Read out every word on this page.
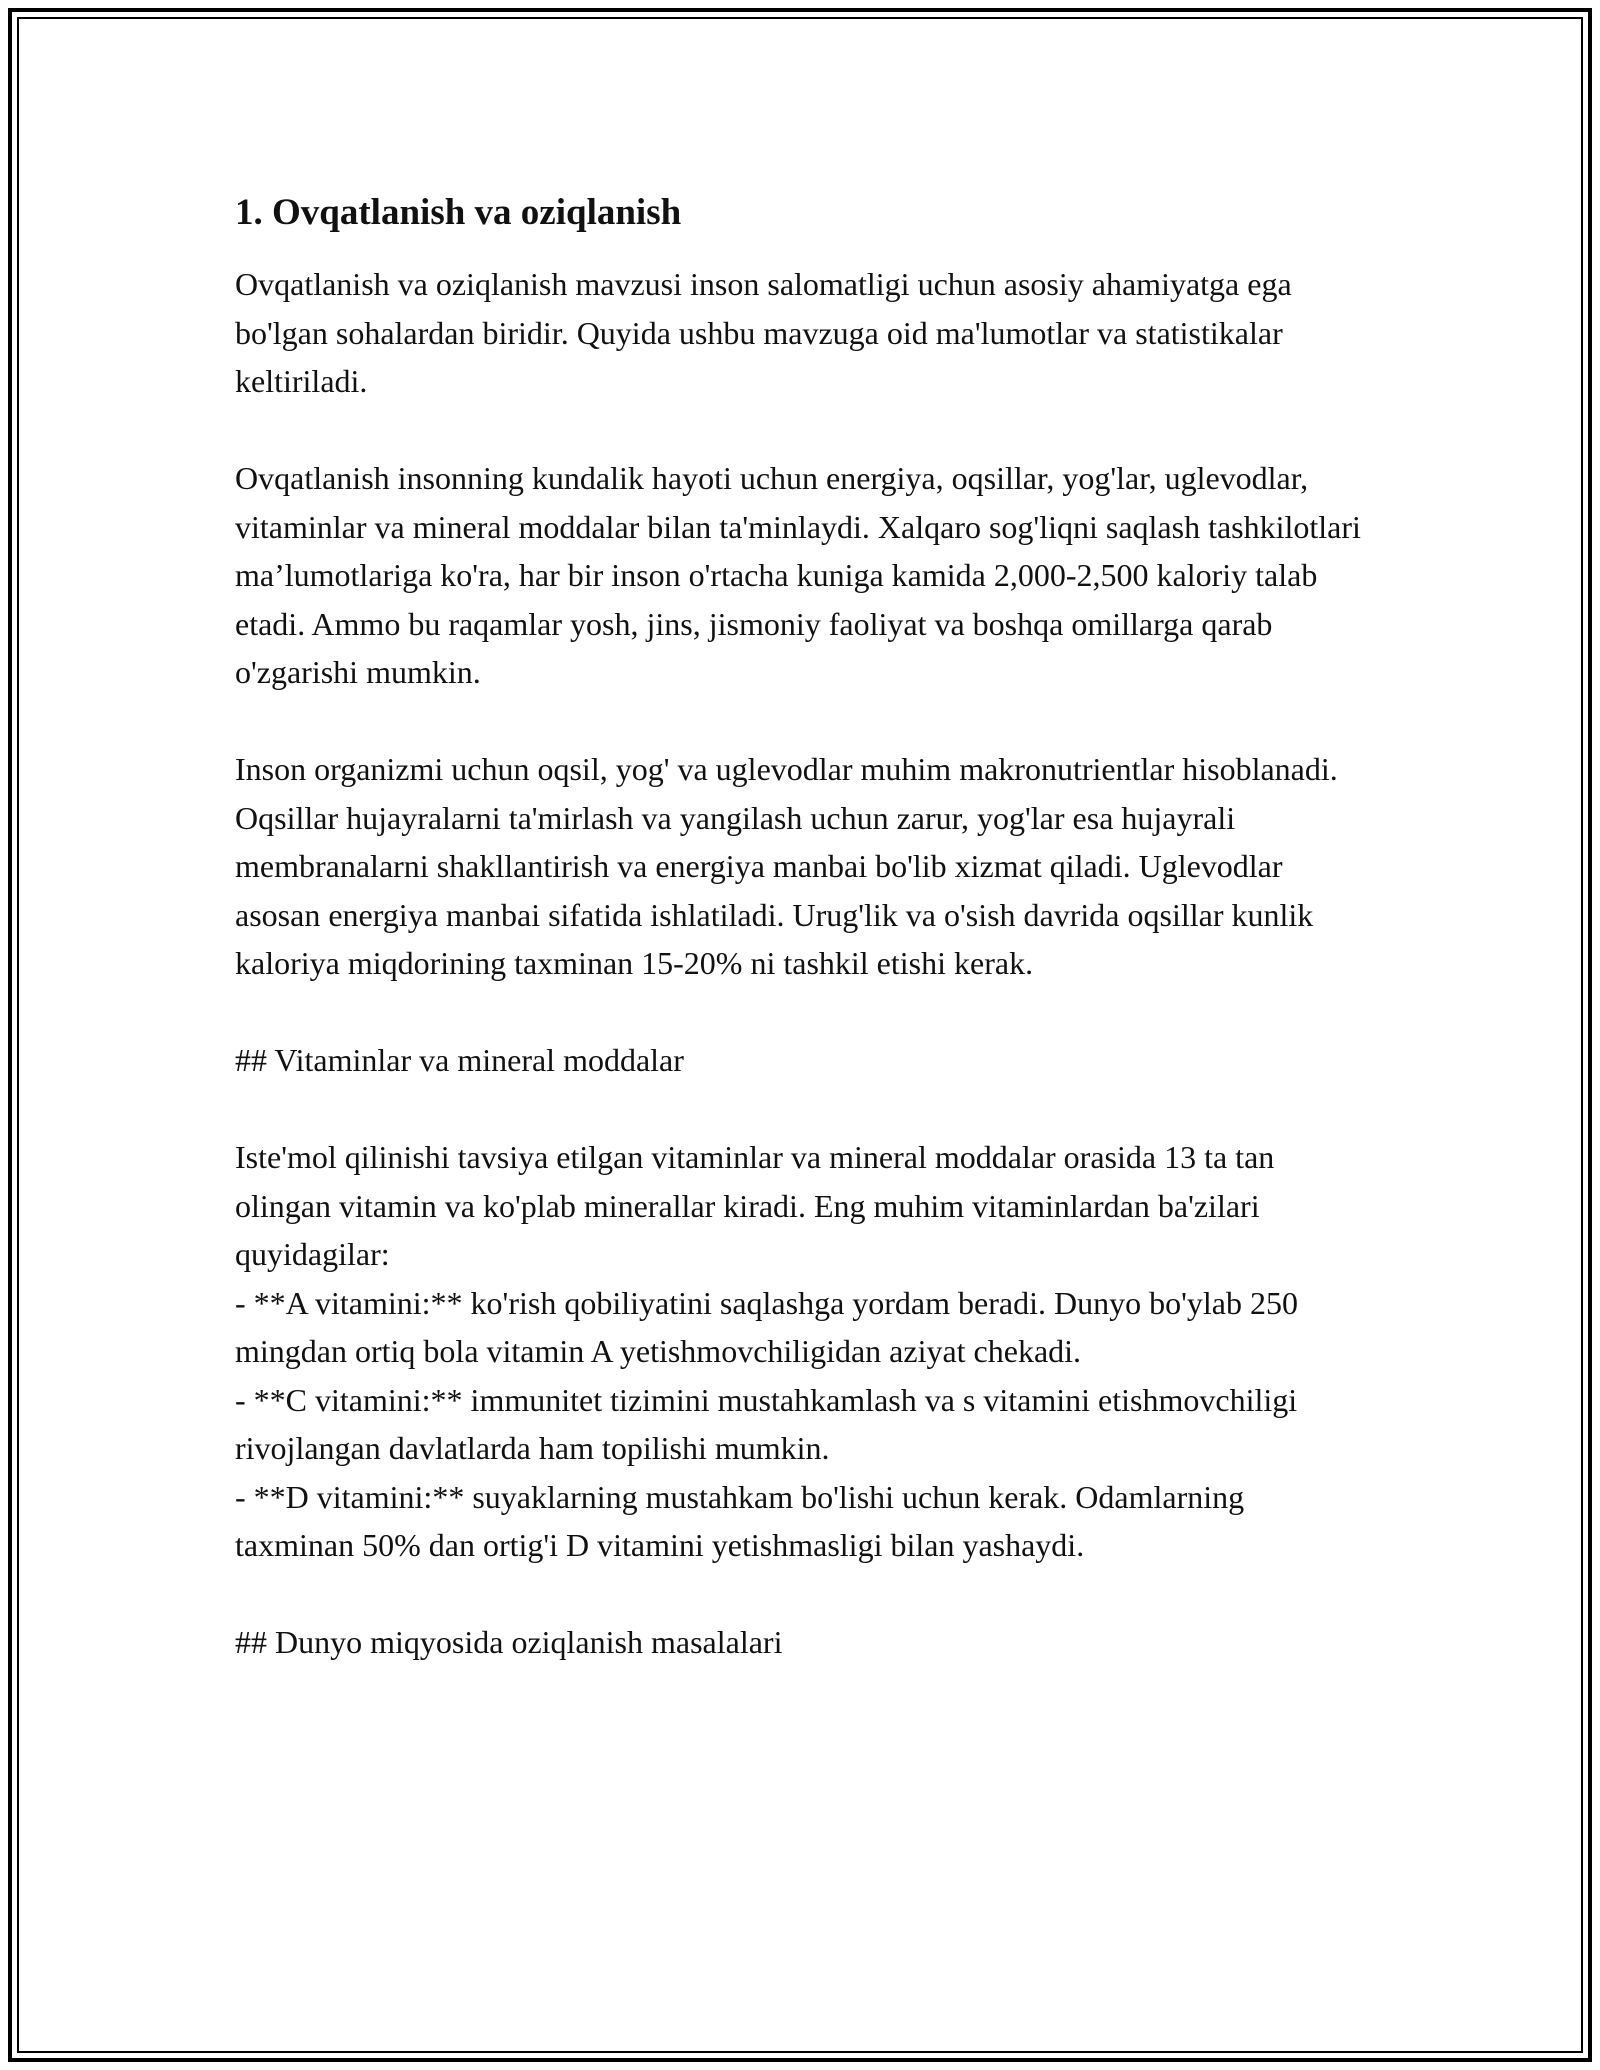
1. Ovqatlanish va oziqlanish

Ovqatlanish va oziqlanish mavzusi inson salomatligi uchun asosiy ahamiyatga ega bo'lgan sohalardan biridir. Quyida ushbu mavzuga oid ma'lumotlar va statistikalar keltiriladi.

Ovqatlanish insonning kundalik hayoti uchun energiya, oqsillar, yog'lar, uglevodlar, vitaminlar va mineral moddalar bilan ta'minlaydi. Xalqaro sog'liqni saqlash tashkilotlari ma’lumotlariga ko'ra, har bir inson o'rtacha kuniga kamida 2,000-2,500 kaloriy talab etadi. Ammo bu raqamlar yosh, jins, jismoniy faoliyat va boshqa omillarga qarab o'zgarishi mumkin.

Inson organizmi uchun oqsil, yog' va uglevodlar muhim makronutrientlar hisoblanadi. Oqsillar hujayralarni ta'mirlash va yangilash uchun zarur, yog'lar esa hujayrali membranalarni shakllantirish va energiya manbai bo'lib xizmat qiladi. Uglevodlar asosan energiya manbai sifatida ishlatiladi. Urug'lik va o'sish davrida oqsillar kunlik kaloriya miqdorining taxminan 15-20% ni tashkil etishi kerak.

## Vitaminlar va mineral moddalar

Iste'mol qilinishi tavsiya etilgan vitaminlar va mineral moddalar orasida 13 ta tan olingan vitamin va ko'plab minerallar kiradi. Eng muhim vitaminlardan ba'zilari quyidagilar:
- **A vitamini:** ko'rish qobiliyatini saqlashga yordam beradi. Dunyo bo'ylab 250 mingdan ortiq bola vitamin A yetishmovchiligidan aziyat chekadi.
- **C vitamini:** immunitet tizimini mustahkamlash va s vitamini etishmovchiligi rivojlangan davlatlarda ham topilishi mumkin.
- **D vitamini:** suyaklarning mustahkam bo'lishi uchun kerak. Odamlarning taxminan 50% dan ortig'i D vitamini yetishmasligi bilan yashaydi.

## Dunyo miqyosida oziqlanish masalalari
